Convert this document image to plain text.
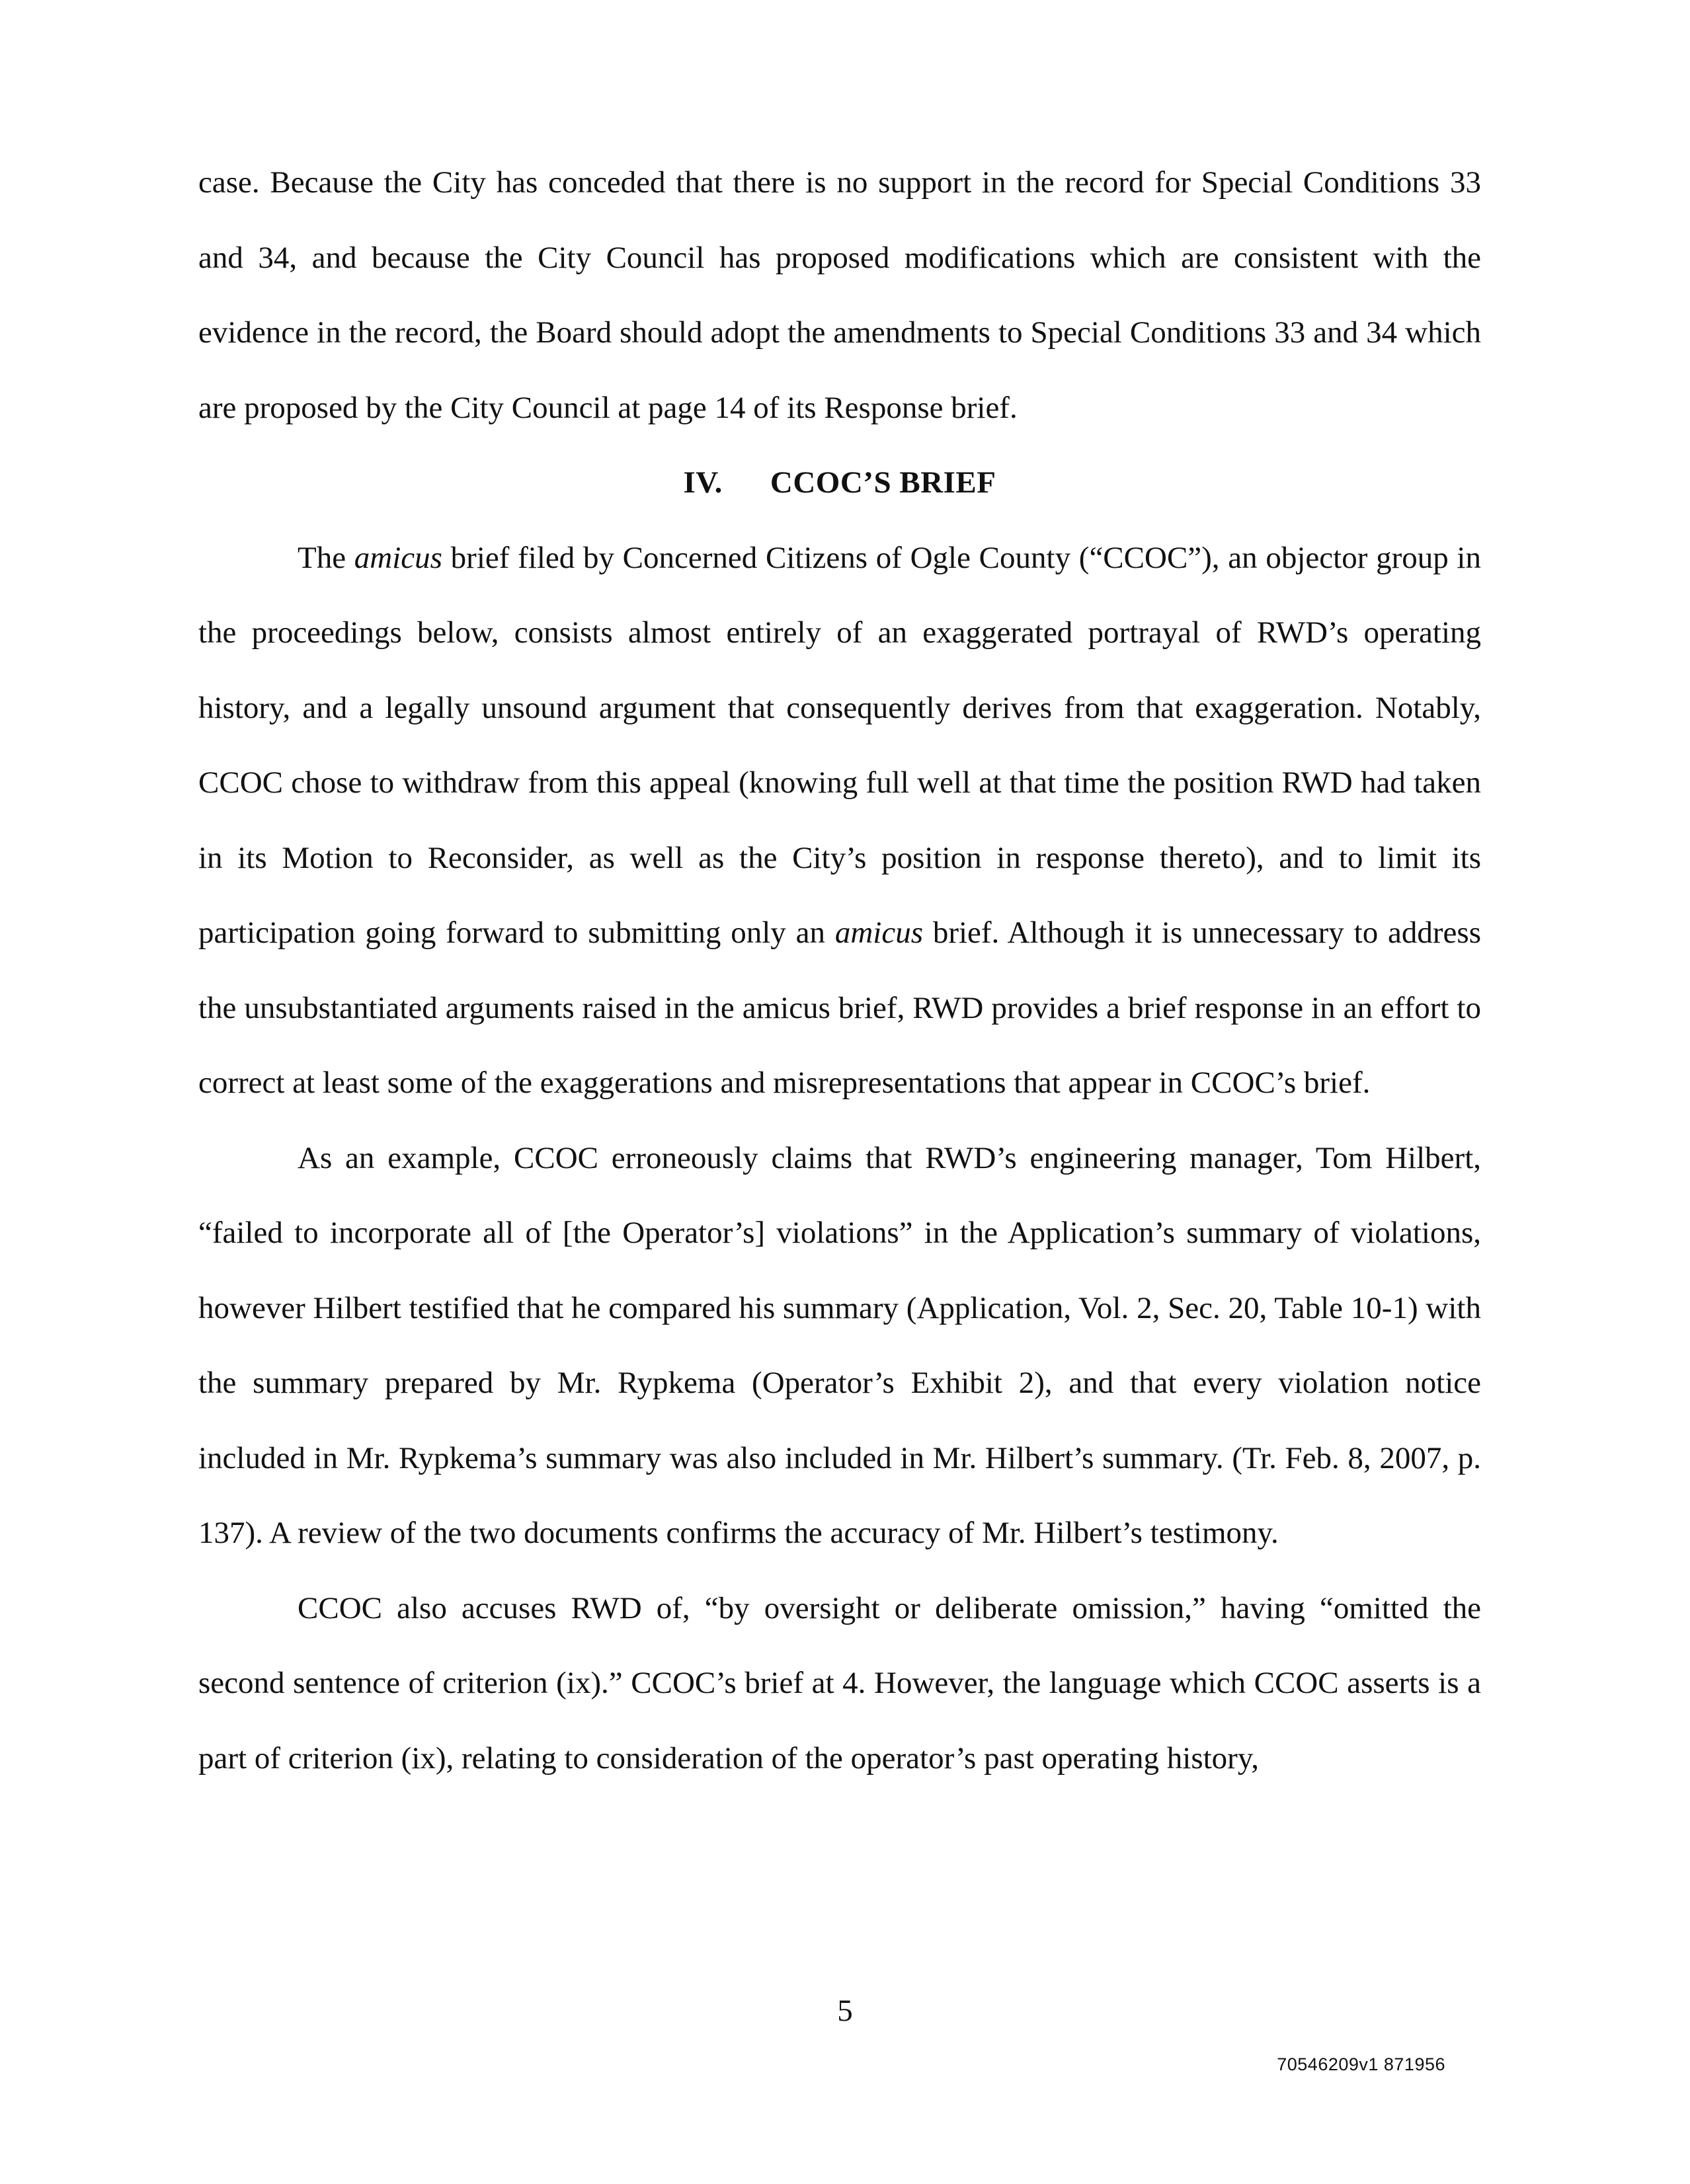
case. Because the City has conceded that there is no support in the record for Special Conditions 33 and 34, and because the City Council has proposed modifications which are consistent with the evidence in the record, the Board should adopt the amendments to Special Conditions 33 and 34 which are proposed by the City Council at page 14 of its Response brief.

IV. CCOC’S BRIEF

The amicus brief filed by Concerned Citizens of Ogle County (“CCOC”), an objector group in the proceedings below, consists almost entirely of an exaggerated portrayal of RWD’s operating history, and a legally unsound argument that consequently derives from that exaggeration. Notably, CCOC chose to withdraw from this appeal (knowing full well at that time the position RWD had taken in its Motion to Reconsider, as well as the City’s position in response thereto), and to limit its participation going forward to submitting only an amicus brief. Although it is unnecessary to address the unsubstantiated arguments raised in the amicus brief, RWD provides a brief response in an effort to correct at least some of the exaggerations and misrepresentations that appear in CCOC’s brief.

As an example, CCOC erroneously claims that RWD’s engineering manager, Tom Hilbert, “failed to incorporate all of [the Operator’s] violations” in the Application’s summary of violations, however Hilbert testified that he compared his summary (Application, Vol. 2, Sec. 20, Table 10-1) with the summary prepared by Mr. Rypkema (Operator’s Exhibit 2), and that every violation notice included in Mr. Rypkema’s summary was also included in Mr. Hilbert’s summary. (Tr. Feb. 8, 2007, p. 137). A review of the two documents confirms the accuracy of Mr. Hilbert’s testimony.

CCOC also accuses RWD of, “by oversight or deliberate omission,” having “omitted the second sentence of criterion (ix).” CCOC’s brief at 4. However, the language which CCOC asserts is a part of criterion (ix), relating to consideration of the operator’s past operating history,

5
70546209v1 871956
